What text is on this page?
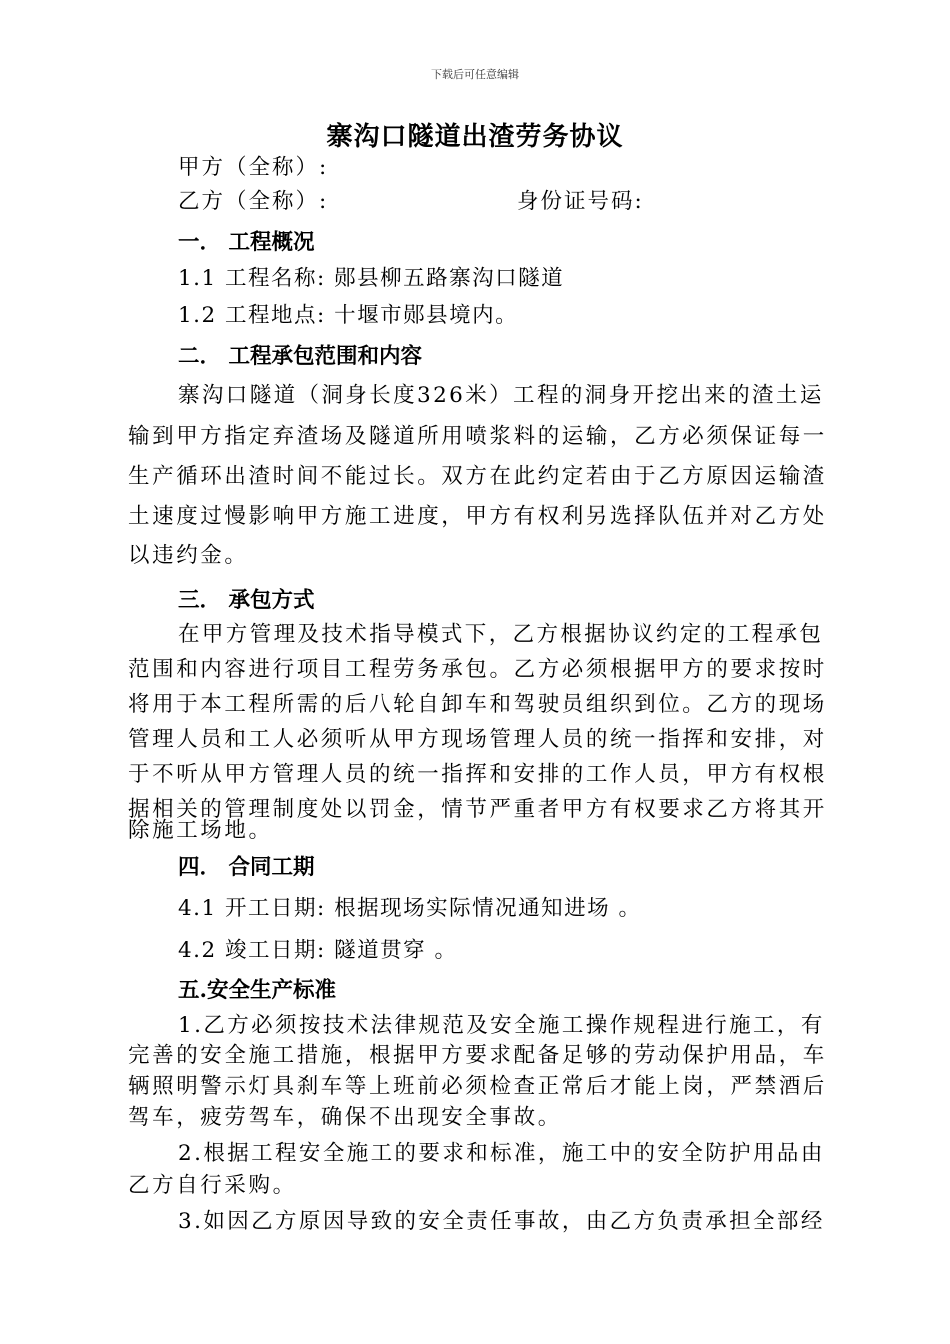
下载后可任意编辑
寨沟口隧道出渣劳务协议
甲方（全称）:
乙方（全称）:	身份证号码:
一． 工程概况
1.1 工程名称: 郧县柳五路寨沟口隧道
1.2 工程地点: 十堰市郧县境内。
二． 工程承包范围和内容
寨沟口隧道（洞身长度326米）工程的洞身开挖出来的渣土运
输到甲方指定弃渣场及隧道所用喷浆料的运输，乙方必须保证每一
生产循环出渣时间不能过长。双方在此约定若由于乙方原因运输渣
土速度过慢影响甲方施工进度，甲方有权利另选择队伍并对乙方处
以违约金。
三． 承包方式
在甲方管理及技术指导模式下，乙方根据协议约定的工程承包
范围和内容进行项目工程劳务承包。乙方必须根据甲方的要求按时
将用于本工程所需的后八轮自卸车和驾驶员组织到位。乙方的现场
管理人员和工人必须听从甲方现场管理人员的统一指挥和安排，对
于不听从甲方管理人员的统一指挥和安排的工作人员，甲方有权根
据相关的管理制度处以罚金，情节严重者甲方有权要求乙方将其开
除施工场地。
四． 合同工期
4.1 开工日期: 根据现场实际情况通知进场 。
4.2 竣工日期: 隧道贯穿 。
五.安全生产标准
1.乙方必须按技术法律规范及安全施工操作规程进行施工，有
完善的安全施工措施，根据甲方要求配备足够的劳动保护用品，车
辆照明警示灯具刹车等上班前必须检查正常后才能上岗，严禁酒后
驾车，疲劳驾车，确保不出现安全事故。
2.根据工程安全施工的要求和标准，施工中的安全防护用品由
乙方自行采购。
3.如因乙方原因导致的安全责任事故，由乙方负责承担全部经
